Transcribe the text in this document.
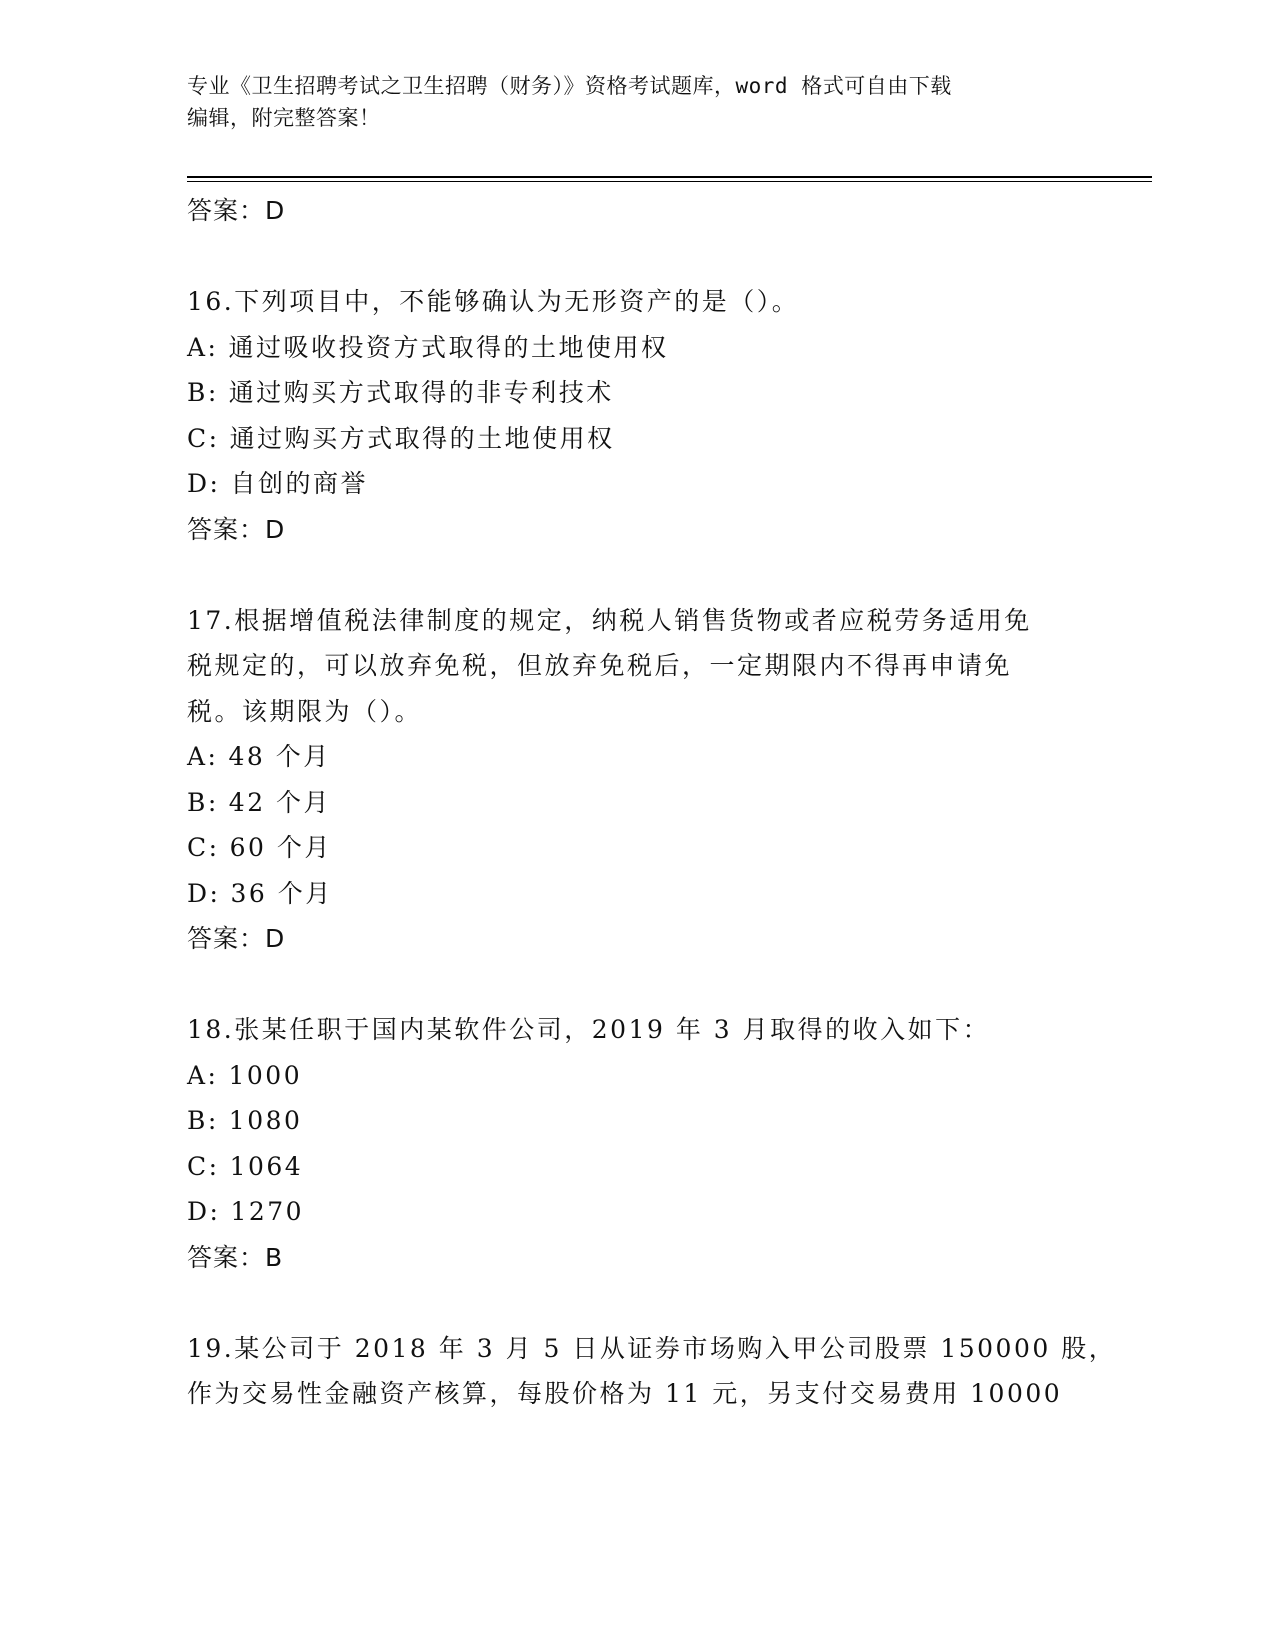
专业《卫生招聘考试之卫生招聘（财务）》资格考试题库，word 格式可自由下载
编辑，附完整答案！
答案：D
16.下列项目中，不能够确认为无形资产的是（）。
A: 通过吸收投资方式取得的土地使用权
B: 通过购买方式取得的非专利技术
C: 通过购买方式取得的土地使用权
D: 自创的商誉
答案：D
17.根据增值税法律制度的规定，纳税人销售货物或者应税劳务适用免
税规定的，可以放弃免税，但放弃免税后，一定期限内不得再申请免
税。该期限为（）。
A: 48 个月
B: 42 个月
C: 60 个月
D: 36 个月
答案：D
18.张某任职于国内某软件公司，2019 年 3 月取得的收入如下：
A: 1000
B: 1080
C: 1064
D: 1270
答案：B
19.某公司于 2018 年 3 月 5 日从证券市场购入甲公司股票 150000 股，
作为交易性金融资产核算，每股价格为 11 元，另支付交易费用 10000
